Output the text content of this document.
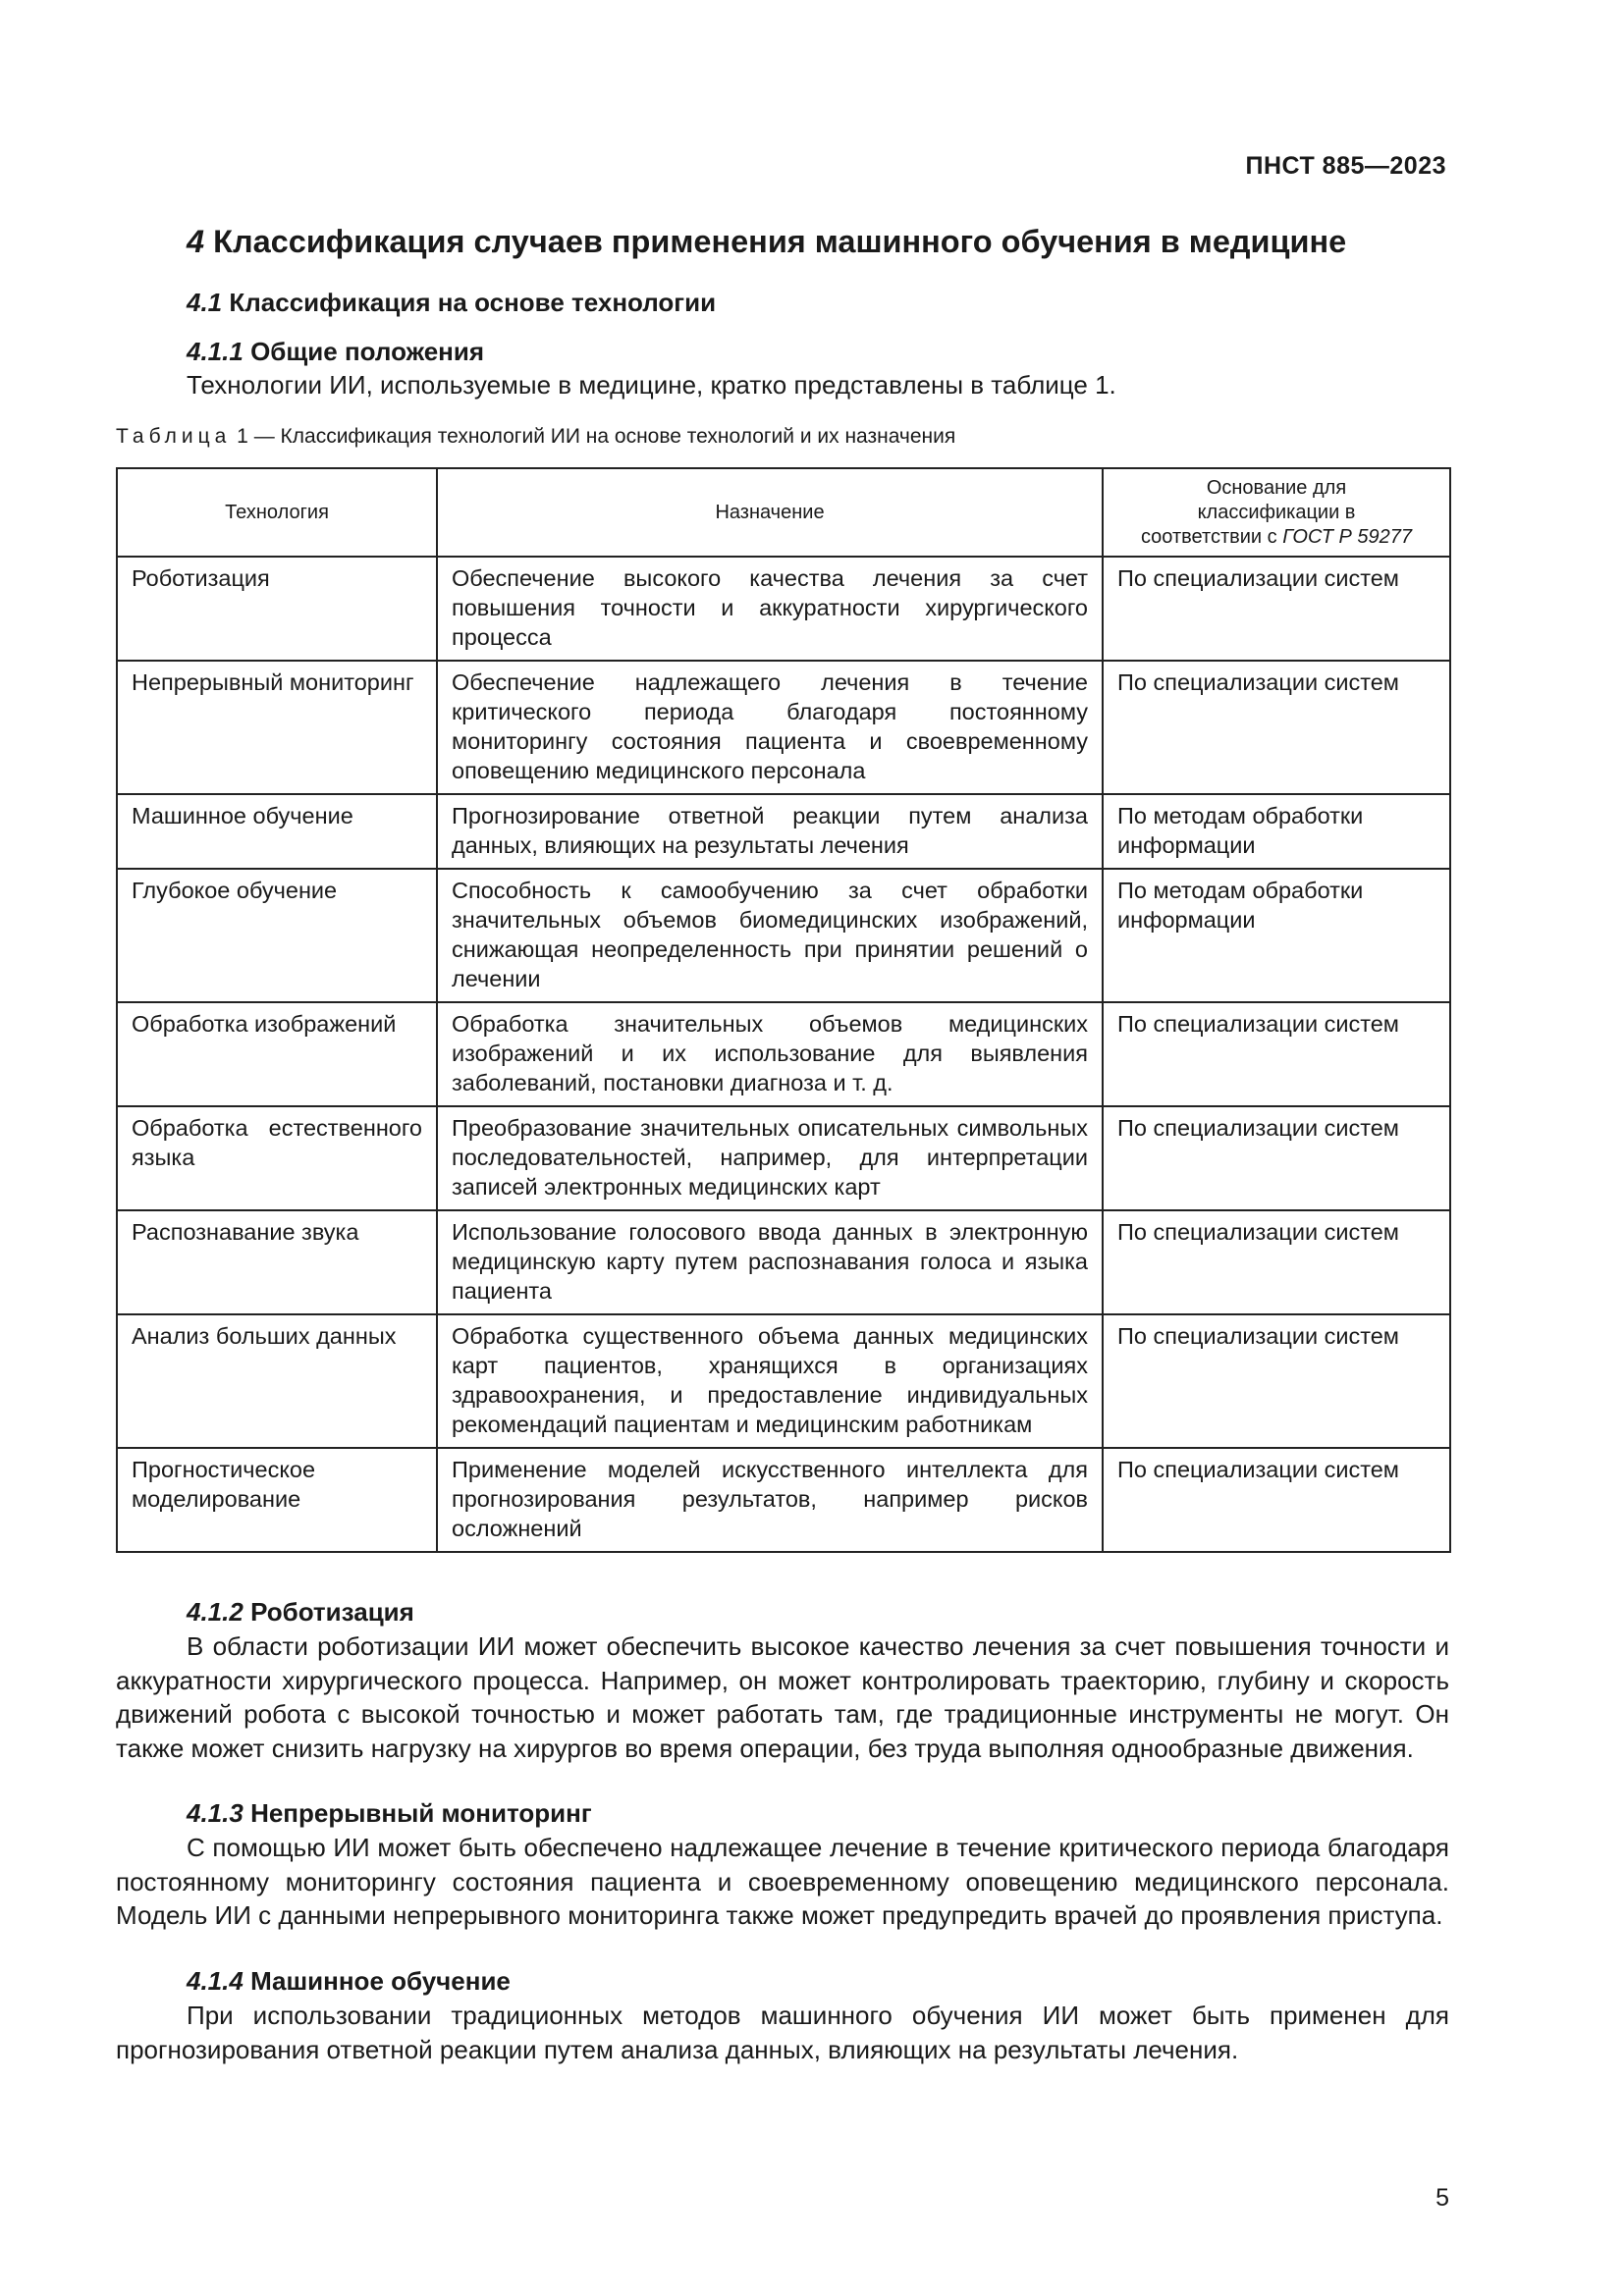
ПНСТ 885—2023
4 Классификация случаев применения машинного обучения в медицине
4.1 Классификация на основе технологии
4.1.1 Общие положения
Технологии ИИ, используемые в медицине, кратко представлены в таблице 1.
Таблица 1 — Классификация технологий ИИ на основе технологий и их назначения
Технология	Назначение	Основание для
классификации в
соответствии с ГОСТ Р 59277
Роботизация	Обеспечение высокого качества лечения за счет повышения точности и аккуратности хирургического процесса	По специализации систем
Непрерывный мониторинг	Обеспечение надлежащего лечения в течение критического периода благодаря постоянному мониторингу состояния пациента и своевременному оповещению медицинского персонала	По специализации систем
Машинное обучение	Прогнозирование ответной реакции путем анализа данных, влияющих на результаты лечения	По методам обработки информации
Глубокое обучение	Способность к самообучению за счет обработки значительных объемов биомедицинских изображений, снижающая неопределенность при принятии решений о лечении	По методам обработки информации
Обработка изображений	Обработка значительных объемов медицинских изображений и их использование для выявления заболеваний, постановки диагноза и т. д.	По специализации систем
Обработка естественного языка	Преобразование значительных описательных символьных последовательностей, например, для интерпретации записей электронных медицинских карт	По специализации систем
Распознавание звука	Использование голосового ввода данных в электронную медицинскую карту путем распознавания голоса и языка пациента	По специализации систем
Анализ больших данных	Обработка существенного объема данных медицинских карт пациентов, хранящихся в организациях здравоохранения, и предоставление индивидуальных рекомендаций пациентам и медицинским работникам	По специализации систем
Прогностическое моделирование	Применение моделей искусственного интеллекта для прогнозирования результатов, например рисков осложнений	По специализации систем
4.1.2 Роботизация
В области роботизации ИИ может обеспечить высокое качество лечения за счет повышения точности и аккуратности хирургического процесса. Например, он может контролировать траекторию, глубину и скорость движений робота с высокой точностью и может работать там, где традиционные инструменты не могут. Он также может снизить нагрузку на хирургов во время операции, без труда выполняя однообразные движения.
4.1.3 Непрерывный мониторинг
С помощью ИИ может быть обеспечено надлежащее лечение в течение критического периода благодаря постоянному мониторингу состояния пациента и своевременному оповещению медицинского персонала. Модель ИИ с данными непрерывного мониторинга также может предупредить врачей до проявления приступа.
4.1.4 Машинное обучение
При использовании традиционных методов машинного обучения ИИ может быть применен для прогнозирования ответной реакции путем анализа данных, влияющих на результаты лечения.
5
